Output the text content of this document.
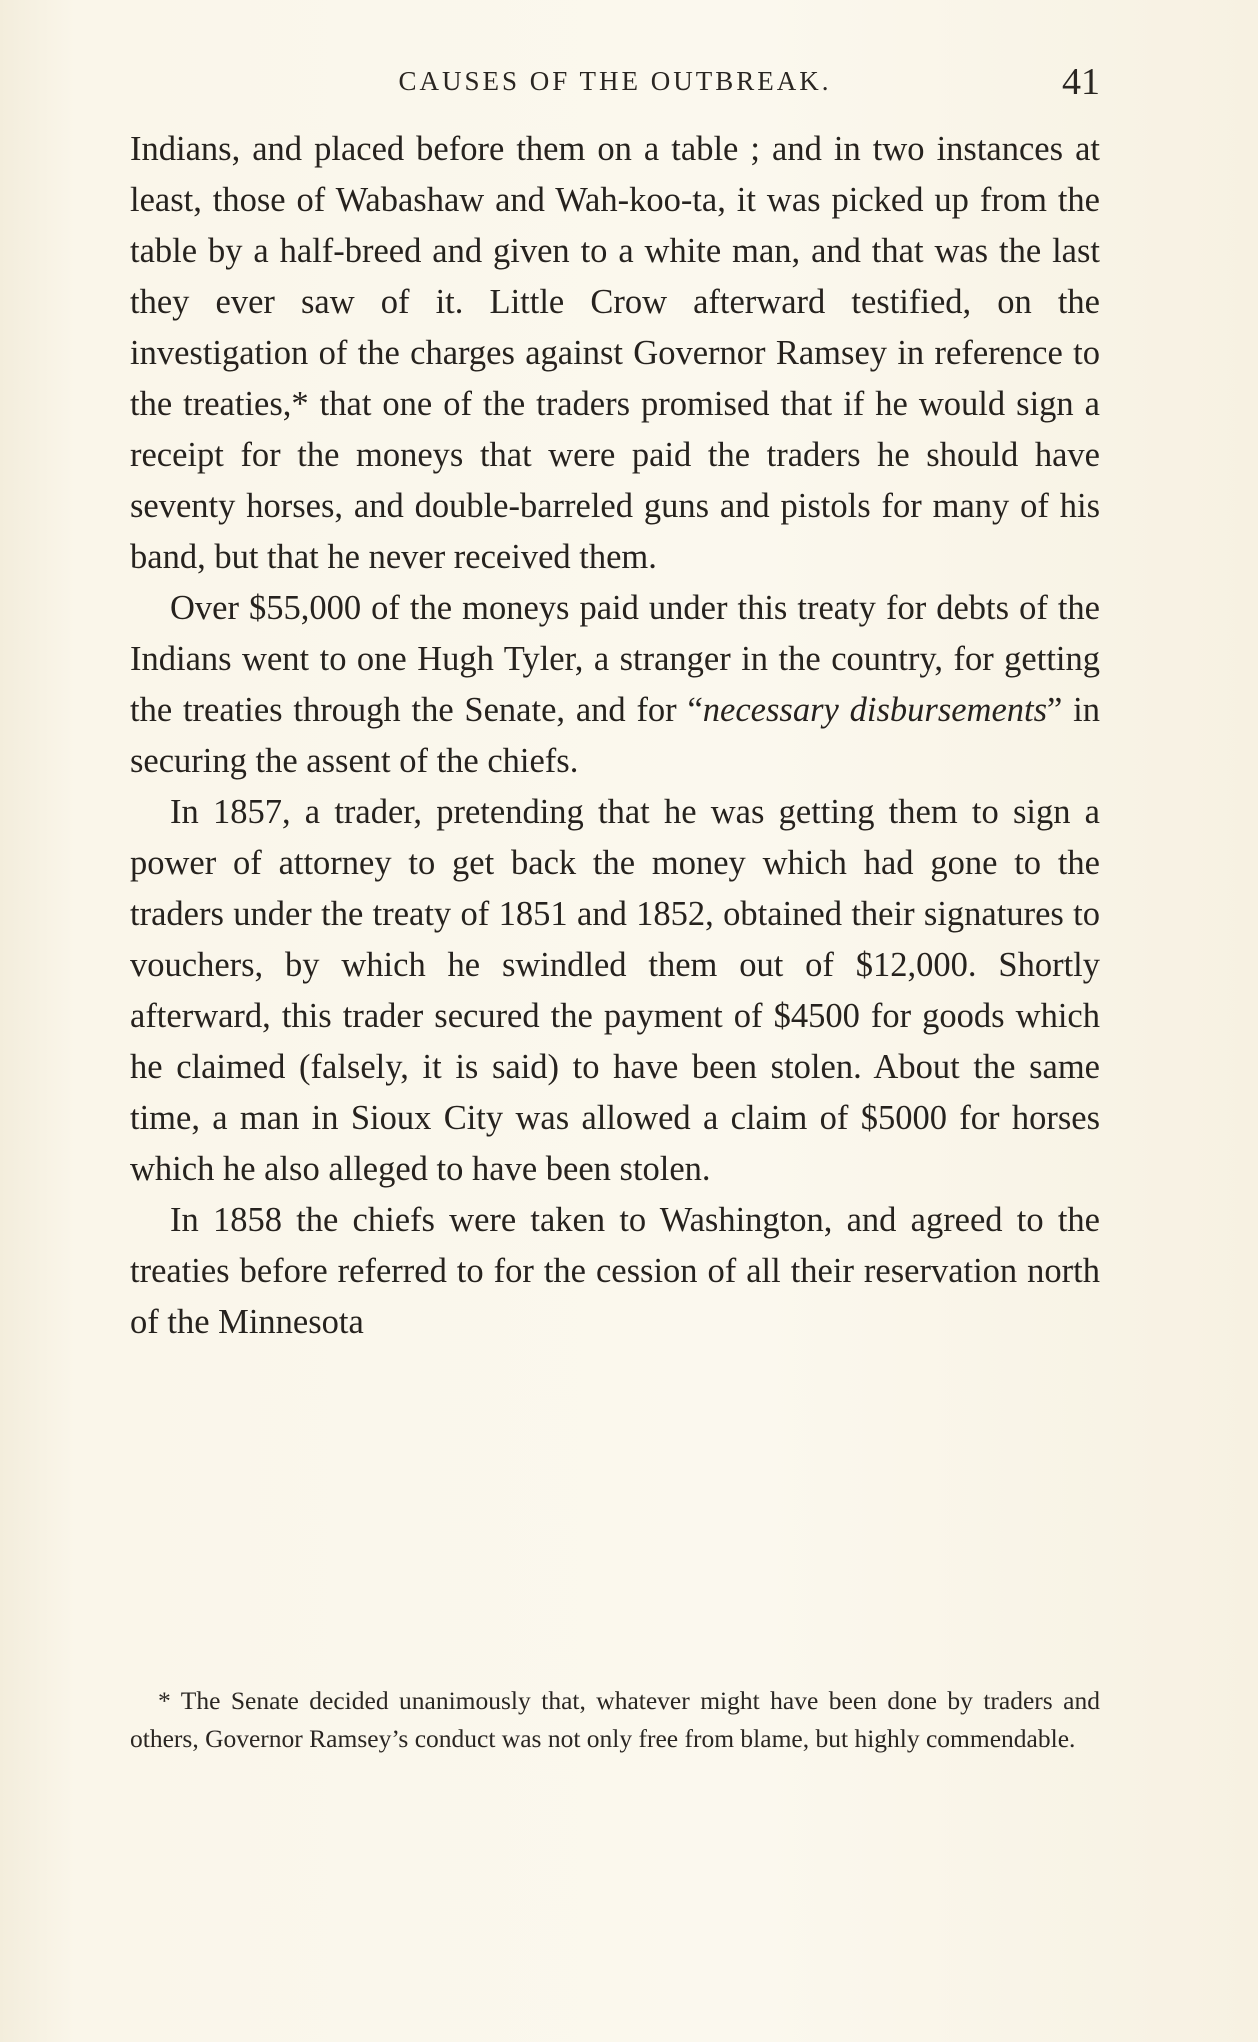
CAUSES OF THE OUTBREAK.	41

Indians, and placed before them on a table ; and in two instances at least, those of Wabashaw and Wah-koo-ta, it was picked up from the table by a half-breed and given to a white man, and that was the last they ever saw of it. Little Crow afterward testified, on the investigation of the charges against Governor Ramsey in reference to the treaties,* that one of the traders promised that if he would sign a receipt for the moneys that were paid the traders he should have seventy horses, and double-barreled guns and pistols for many of his band, but that he never received them.

Over $55,000 of the moneys paid under this treaty for debts of the Indians went to one Hugh Tyler, a stranger in the country, for getting the treaties through the Senate, and for “necessary disbursements” in securing the assent of the chiefs.

In 1857, a trader, pretending that he was getting them to sign a power of attorney to get back the money which had gone to the traders under the treaty of 1851 and 1852, obtained their signatures to vouchers, by which he swindled them out of $12,000. Shortly afterward, this trader secured the payment of $4500 for goods which he claimed (falsely, it is said) to have been stolen. About the same time, a man in Sioux City was allowed a claim of $5000 for horses which he also alleged to have been stolen.

In 1858 the chiefs were taken to Washington, and agreed to the treaties before referred to for the cession of all their reservation north of the Minnesota

* The Senate decided unanimously that, whatever might have been done by traders and others, Governor Ramsey’s conduct was not only free from blame, but highly commendable.
